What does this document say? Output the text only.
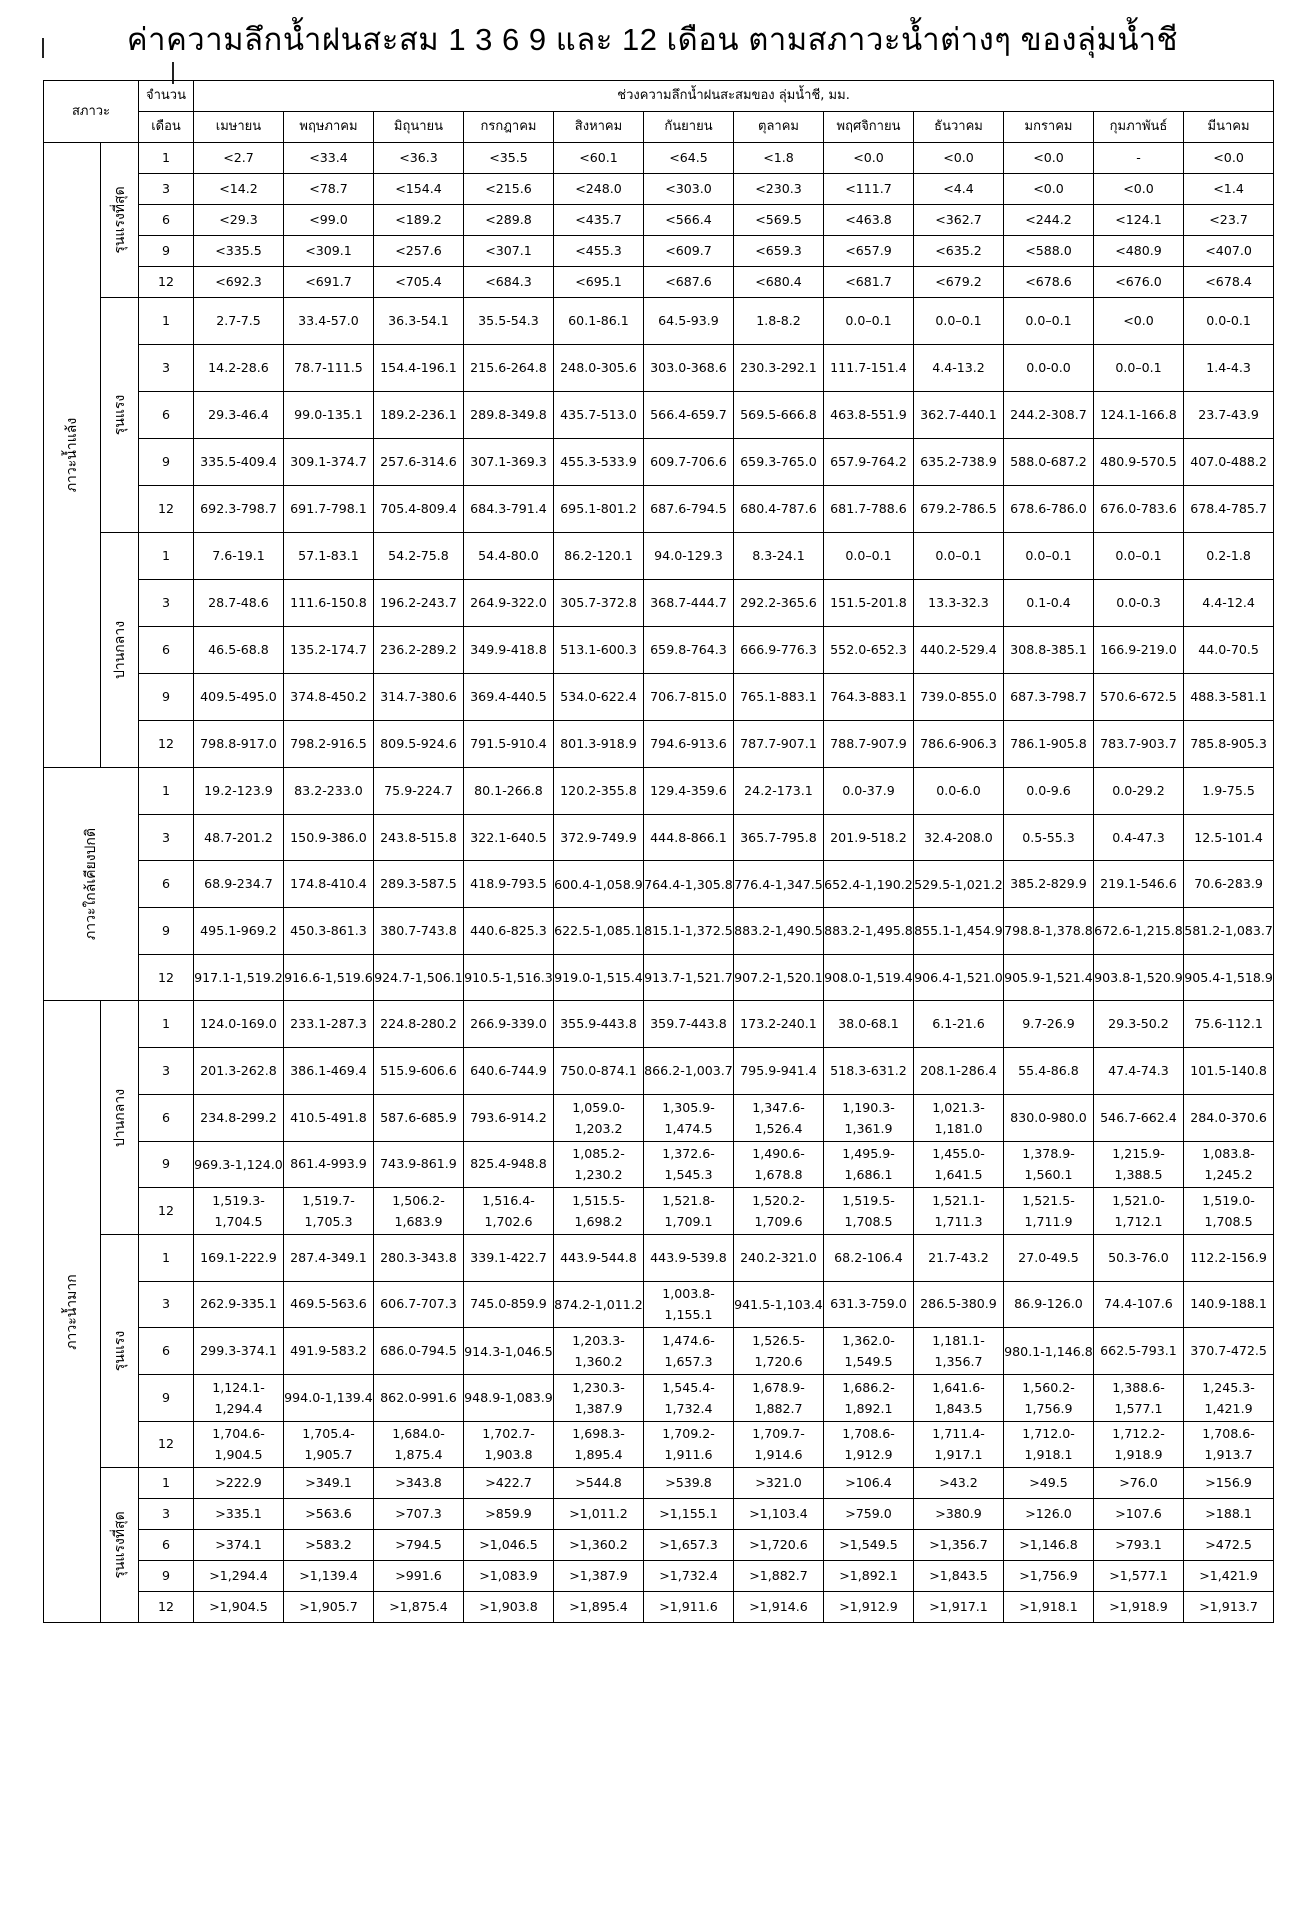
ค่าความลึกน้ำฝนสะสม 1 3 6 9 และ 12 เดือน ตามสภาวะน้ำต่างๆ ของลุ่มน้ำชี
สภาวะ		จำนวน	ช่วงความลึกน้ำฝนสะสมของ ลุ่มน้ำชี, มม.											
		เดือน	เมษายน	พฤษภาคม	มิถุนายน	กรกฎาคม	สิงหาคม	กันยายน	ตุลาคม	พฤศจิกายน	ธันวาคม	มกราคม	กุมภาพันธ์	มีนาคม

ภาวะน้ำแล้ง	รุนแรงที่สุด	1	<2.7	<33.4	<36.3	<35.5	<60.1	<64.5	<1.8	<0.0	<0.0	<0.0	-	<0.0
		3	<14.2	<78.7	<154.4	<215.6	<248.0	<303.0	<230.3	<111.7	<4.4	<0.0	<0.0	<1.4
		6	<29.3	<99.0	<189.2	<289.8	<435.7	<566.4	<569.5	<463.8	<362.7	<244.2	<124.1	<23.7
		9	<335.5	<309.1	<257.6	<307.1	<455.3	<609.7	<659.3	<657.9	<635.2	<588.0	<480.9	<407.0
		12	<692.3	<691.7	<705.4	<684.3	<695.1	<687.6	<680.4	<681.7	<679.2	<678.6	<676.0	<678.4

	รุนแรง	1	2.7-7.5	33.4-57.0	36.3-54.1	35.5-54.3	60.1-86.1	64.5-93.9	1.8-8.2	0.0–0.1	0.0–0.1	0.0–0.1	<0.0	0.0-0.1
		3	14.2-28.6	78.7-111.5	154.4-196.1	215.6-264.8	248.0-305.6	303.0-368.6	230.3-292.1	111.7-151.4	4.4-13.2	0.0-0.0	0.0–0.1	1.4-4.3
		6	29.3-46.4	99.0-135.1	189.2-236.1	289.8-349.8	435.7-513.0	566.4-659.7	569.5-666.8	463.8-551.9	362.7-440.1	244.2-308.7	124.1-166.8	23.7-43.9
		9	335.5-409.4	309.1-374.7	257.6-314.6	307.1-369.3	455.3-533.9	609.7-706.6	659.3-765.0	657.9-764.2	635.2-738.9	588.0-687.2	480.9-570.5	407.0-488.2
		12	692.3-798.7	691.7-798.1	705.4-809.4	684.3-791.4	695.1-801.2	687.6-794.5	680.4-787.6	681.7-788.6	679.2-786.5	678.6-786.0	676.0-783.6	678.4-785.7

	ปานกลาง	1	7.6-19.1	57.1-83.1	54.2-75.8	54.4-80.0	86.2-120.1	94.0-129.3	8.3-24.1	0.0–0.1	0.0–0.1	0.0–0.1	0.0–0.1	0.2-1.8
		3	28.7-48.6	111.6-150.8	196.2-243.7	264.9-322.0	305.7-372.8	368.7-444.7	292.2-365.6	151.5-201.8	13.3-32.3	0.1-0.4	0.0-0.3	4.4-12.4
		6	46.5-68.8	135.2-174.7	236.2-289.2	349.9-418.8	513.1-600.3	659.8-764.3	666.9-776.3	552.0-652.3	440.2-529.4	308.8-385.1	166.9-219.0	44.0-70.5
		9	409.5-495.0	374.8-450.2	314.7-380.6	369.4-440.5	534.0-622.4	706.7-815.0	765.1-883.1	764.3-883.1	739.0-855.0	687.3-798.7	570.6-672.5	488.3-581.1
		12	798.8-917.0	798.2-916.5	809.5-924.6	791.5-910.4	801.3-918.9	794.6-913.6	787.7-907.1	788.7-907.9	786.6-906.3	786.1-905.8	783.7-903.7	785.8-905.3

ภาวะใกล้เคียงปกติ		1	19.2-123.9	83.2-233.0	75.9-224.7	80.1-266.8	120.2-355.8	129.4-359.6	24.2-173.1	0.0-37.9	0.0-6.0	0.0-9.6	0.0-29.2	1.9-75.5
		3	48.7-201.2	150.9-386.0	243.8-515.8	322.1-640.5	372.9-749.9	444.8-866.1	365.7-795.8	201.9-518.2	32.4-208.0	0.5-55.3	0.4-47.3	12.5-101.4
		6	68.9-234.7	174.8-410.4	289.3-587.5	418.9-793.5	600.4-1,058.9	764.4-1,305.8	776.4-1,347.5	652.4-1,190.2	529.5-1,021.2	385.2-829.9	219.1-546.6	70.6-283.9
		9	495.1-969.2	450.3-861.3	380.7-743.8	440.6-825.3	622.5-1,085.1	815.1-1,372.5	883.2-1,490.5	883.2-1,495.8	855.1-1,454.9	798.8-1,378.8	672.6-1,215.8	581.2-1,083.7
		12	917.1-1,519.2	916.6-1,519.6	924.7-1,506.1	910.5-1,516.3	919.0-1,515.4	913.7-1,521.7	907.2-1,520.1	908.0-1,519.4	906.4-1,521.0	905.9-1,521.4	903.8-1,520.9	905.4-1,518.9

ภาวะน้ำมาก	ปานกลาง	1	124.0-169.0	233.1-287.3	224.8-280.2	266.9-339.0	355.9-443.8	359.7-443.8	173.2-240.1	38.0-68.1	6.1-21.6	9.7-26.9	29.3-50.2	75.6-112.1
		3	201.3-262.8	386.1-469.4	515.9-606.6	640.6-744.9	750.0-874.1	866.2-1,003.7	795.9-941.4	518.3-631.2	208.1-286.4	55.4-86.8	47.4-74.3	101.5-140.8
		6	234.8-299.2	410.5-491.8	587.6-685.9	793.6-914.2	1,059.0-1,203.2	1,305.9-1,474.5	1,347.6-1,526.4	1,190.3-1,361.9	1,021.3-1,181.0	830.0-980.0	546.7-662.4	284.0-370.6
		9	969.3-1,124.0	861.4-993.9	743.9-861.9	825.4-948.8	1,085.2-1,230.2	1,372.6-1,545.3	1,490.6-1,678.8	1,495.9-1,686.1	1,455.0-1,641.5	1,378.9-1,560.1	1,215.9-1,388.5	1,083.8-1,245.2
		12	1,519.3-1,704.5	1,519.7-1,705.3	1,506.2-1,683.9	1,516.4-1,702.6	1,515.5-1,698.2	1,521.8-1,709.1	1,520.2-1,709.6	1,519.5-1,708.5	1,521.1-1,711.3	1,521.5-1,711.9	1,521.0-1,712.1	1,519.0-1,708.5

	รุนแรง	1	169.1-222.9	287.4-349.1	280.3-343.8	339.1-422.7	443.9-544.8	443.9-539.8	240.2-321.0	68.2-106.4	21.7-43.2	27.0-49.5	50.3-76.0	112.2-156.9
		3	262.9-335.1	469.5-563.6	606.7-707.3	745.0-859.9	874.2-1,011.2	1,003.8-1,155.1	941.5-1,103.4	631.3-759.0	286.5-380.9	86.9-126.0	74.4-107.6	140.9-188.1
		6	299.3-374.1	491.9-583.2	686.0-794.5	914.3-1,046.5	1,203.3-1,360.2	1,474.6-1,657.3	1,526.5-1,720.6	1,362.0-1,549.5	1,181.1-1,356.7	980.1-1,146.8	662.5-793.1	370.7-472.5
		9	1,124.1-1,294.4	994.0-1,139.4	862.0-991.6	948.9-1,083.9	1,230.3-1,387.9	1,545.4-1,732.4	1,678.9-1,882.7	1,686.2-1,892.1	1,641.6-1,843.5	1,560.2-1,756.9	1,388.6-1,577.1	1,245.3-1,421.9
		12	1,704.6-1,904.5	1,705.4-1,905.7	1,684.0-1,875.4	1,702.7-1,903.8	1,698.3-1,895.4	1,709.2-1,911.6	1,709.7-1,914.6	1,708.6-1,912.9	1,711.4-1,917.1	1,712.0-1,918.1	1,712.2-1,918.9	1,708.6-1,913.7

	รุนแรงที่สุด	1	>222.9	>349.1	>343.8	>422.7	>544.8	>539.8	>321.0	>106.4	>43.2	>49.5	>76.0	>156.9
		3	>335.1	>563.6	>707.3	>859.9	>1,011.2	>1,155.1	>1,103.4	>759.0	>380.9	>126.0	>107.6	>188.1
		6	>374.1	>583.2	>794.5	>1,046.5	>1,360.2	>1,657.3	>1,720.6	>1,549.5	>1,356.7	>1,146.8	>793.1	>472.5
		9	>1,294.4	>1,139.4	>991.6	>1,083.9	>1,387.9	>1,732.4	>1,882.7	>1,892.1	>1,843.5	>1,756.9	>1,577.1	>1,421.9
		12	>1,904.5	>1,905.7	>1,875.4	>1,903.8	>1,895.4	>1,911.6	>1,914.6	>1,912.9	>1,917.1	>1,918.1	>1,918.9	>1,913.7
